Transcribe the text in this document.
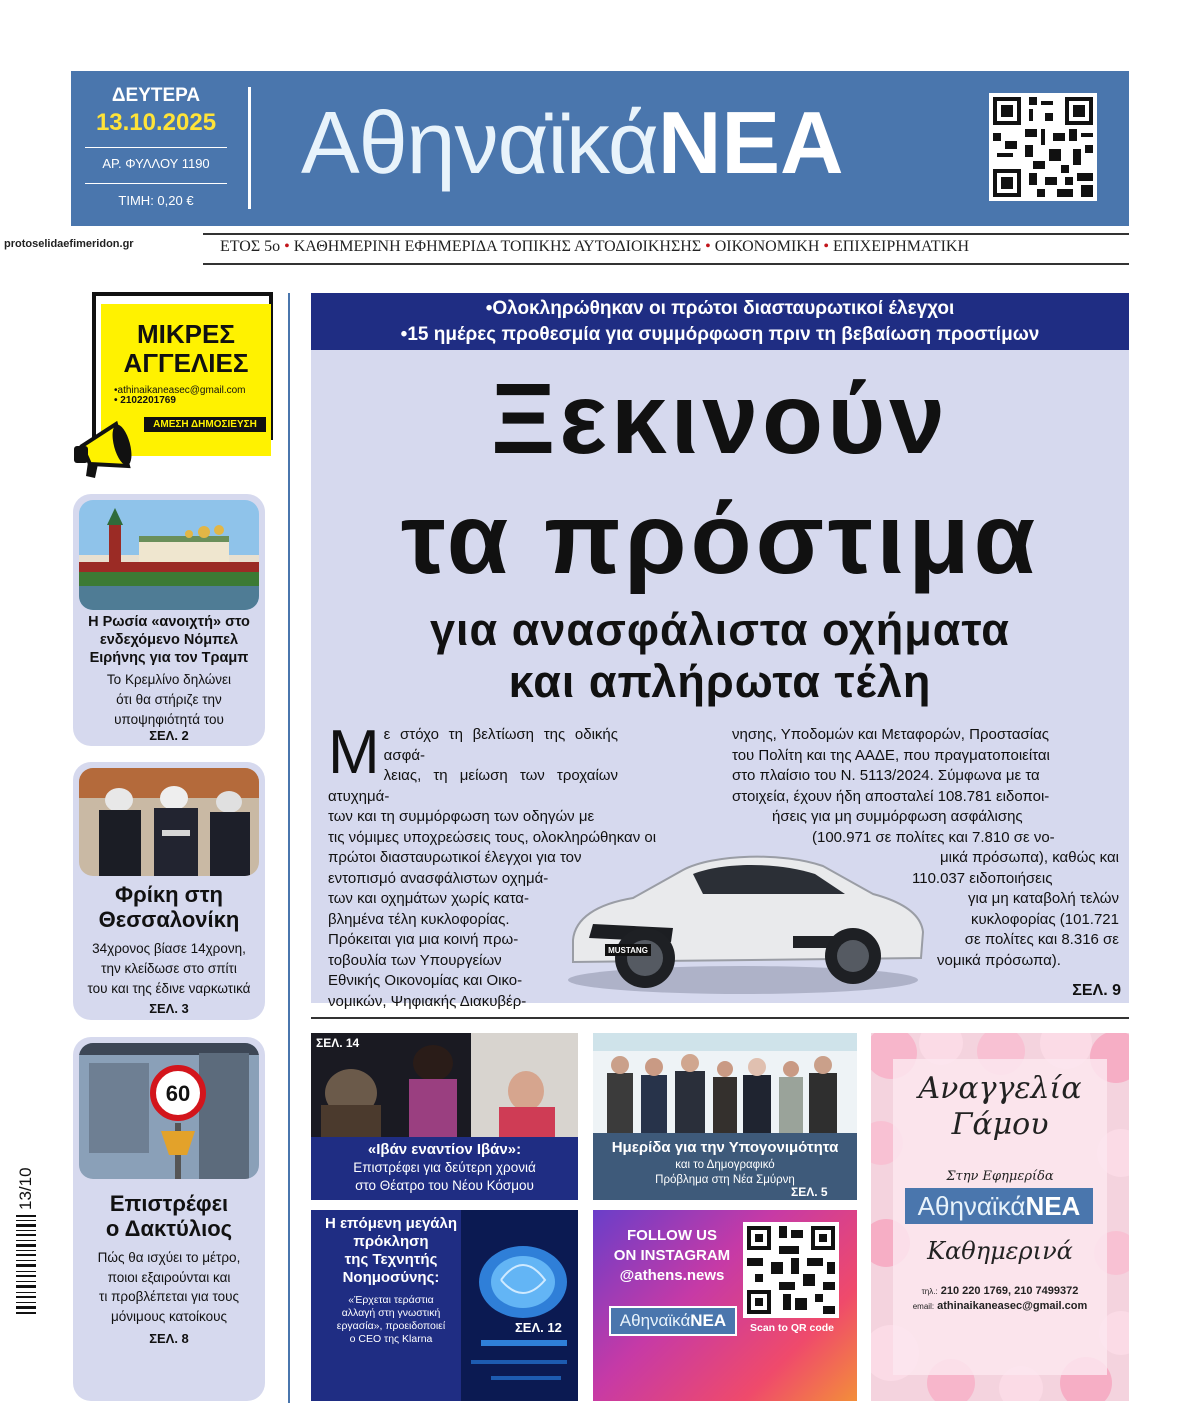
ΔΕΥΤΕΡΑ
13.10.2025
ΑΡ. ΦΥΛΛΟΥ 1190
ΤΙΜΗ: 0,20 €
ΑθηναϊκάΝΕΑ
protoselidaefimeridon.gr	ΕΤΟΣ 5ο • ΚΑΘΗΜΕΡΙΝΗ ΕΦΗΜΕΡΙΔΑ ΤΟΠΙΚΗΣ ΑΥΤΟΔΙΟΙΚΗΣΗΣ • ΟΙΚΟΝΟΜΙΚΗ • ΕΠΙΧΕΙΡΗΜΑΤΙΚΗ
ΜΙΚΡΕΣ
ΑΓΓΕΛΙΕΣ
•athinaikaneasec@gmail.com
• 2102201769
ΑΜΕΣΗ ΔΗΜΟΣΙΕΥΣΗ
Η Ρωσία «ανοιχτή» στο
ενδεχόμενο Νόμπελ
Ειρήνης για τον Τραμπ
Το Κρεμλίνο δηλώνει
ότι θα στήριζε την
υποψηφιότητά του
ΣΕΛ. 2
Φρίκη στη
Θεσσαλονίκη
34χρονος βίασε 14χρονη,
την κλείδωσε στο σπίτι
του και της έδινε ναρκωτικά
ΣΕΛ. 3
60
Επιστρέφει
ο Δακτύλιος
Πώς θα ισχύει το μέτρο,
ποιοι εξαιρούνται και
τι προβλέπεται για τους
μόνιμους κατοίκους
ΣΕΛ. 8
13/10
•Ολοκληρώθηκαν οι πρώτοι διασταυρωτικοί έλεγχοι
•15 ημέρες προθεσμία για συμμόρφωση πριν τη βεβαίωση προστίμων
Ξεκινούν
τα πρόστιμα
για ανασφάλιστα οχήματα
και απλήρωτα τέλη
Μ ε στόχο τη βελτίωση της οδικής ασφά-
λειας, τη μείωση των τροχαίων ατυχημά-
των και τη συμμόρφωση των οδηγών με
τις νόμιμες υποχρεώσεις τους, ολοκληρώθηκαν οι
πρώτοι διασταυρωτικοί έλεγχοι για τον
εντοπισμό ανασφάλιστων οχημά-
των και οχημάτων χωρίς κατα-
βλημένα τέλη κυκλοφορίας.
Πρόκειται για μια κοινή πρω-
τοβουλία των Υπουργείων
Εθνικής Οικονομίας και Οικο-
νομικών, Ψηφιακής Διακυβέρ-
νησης, Υποδομών και Μεταφορών, Προστασίας
του Πολίτη και της ΑΑΔΕ, που πραγματοποιείται
στο πλαίσιο του Ν. 5113/2024. Σύμφωνα με τα
στοιχεία, έχουν ήδη αποσταλεί 108.781 ειδοποι-
ήσεις για μη συμμόρφωση ασφάλισης
(100.971 σε πολίτες και 7.810 σε νο-
μικά πρόσωπα), καθώς και
110.037 ειδοποιήσεις
για μη καταβολή τελών
κυκλοφορίας (101.721
σε πολίτες και 8.316 σε
νομικά πρόσωπα).
MUSTANG
ΣΕΛ. 9
ΣΕΛ. 14
«Ιβάν εναντίον Ιβάν»:
Επιστρέφει για δεύτερη χρονιά
στο Θέατρο του Νέου Κόσμου
Ημερίδα για την Υπογονιμότητα
και το Δημογραφικό
Πρόβλημα στη Νέα Σμύρνη
ΣΕΛ. 5
Η επόμενη μεγάλη
πρόκληση
της Τεχνητής
Νοημοσύνης:
«Έρχεται τεράστια
αλλαγή στη γνωστική
εργασία», προειδοποιεί
ο CEO της Klarna
ΣΕΛ. 12
FOLLOW US
ON INSTAGRAM
@athens.news
ΑθηναϊκάΝΕΑ	Scan to QR code
Αναγγελία
Γάμου
Στην Εφημερίδα
ΑθηναϊκάΝΕΑ
Καθημερινά
τηλ.: 210 220 1769, 210 7499372
email: athinaikaneasec@gmail.com
